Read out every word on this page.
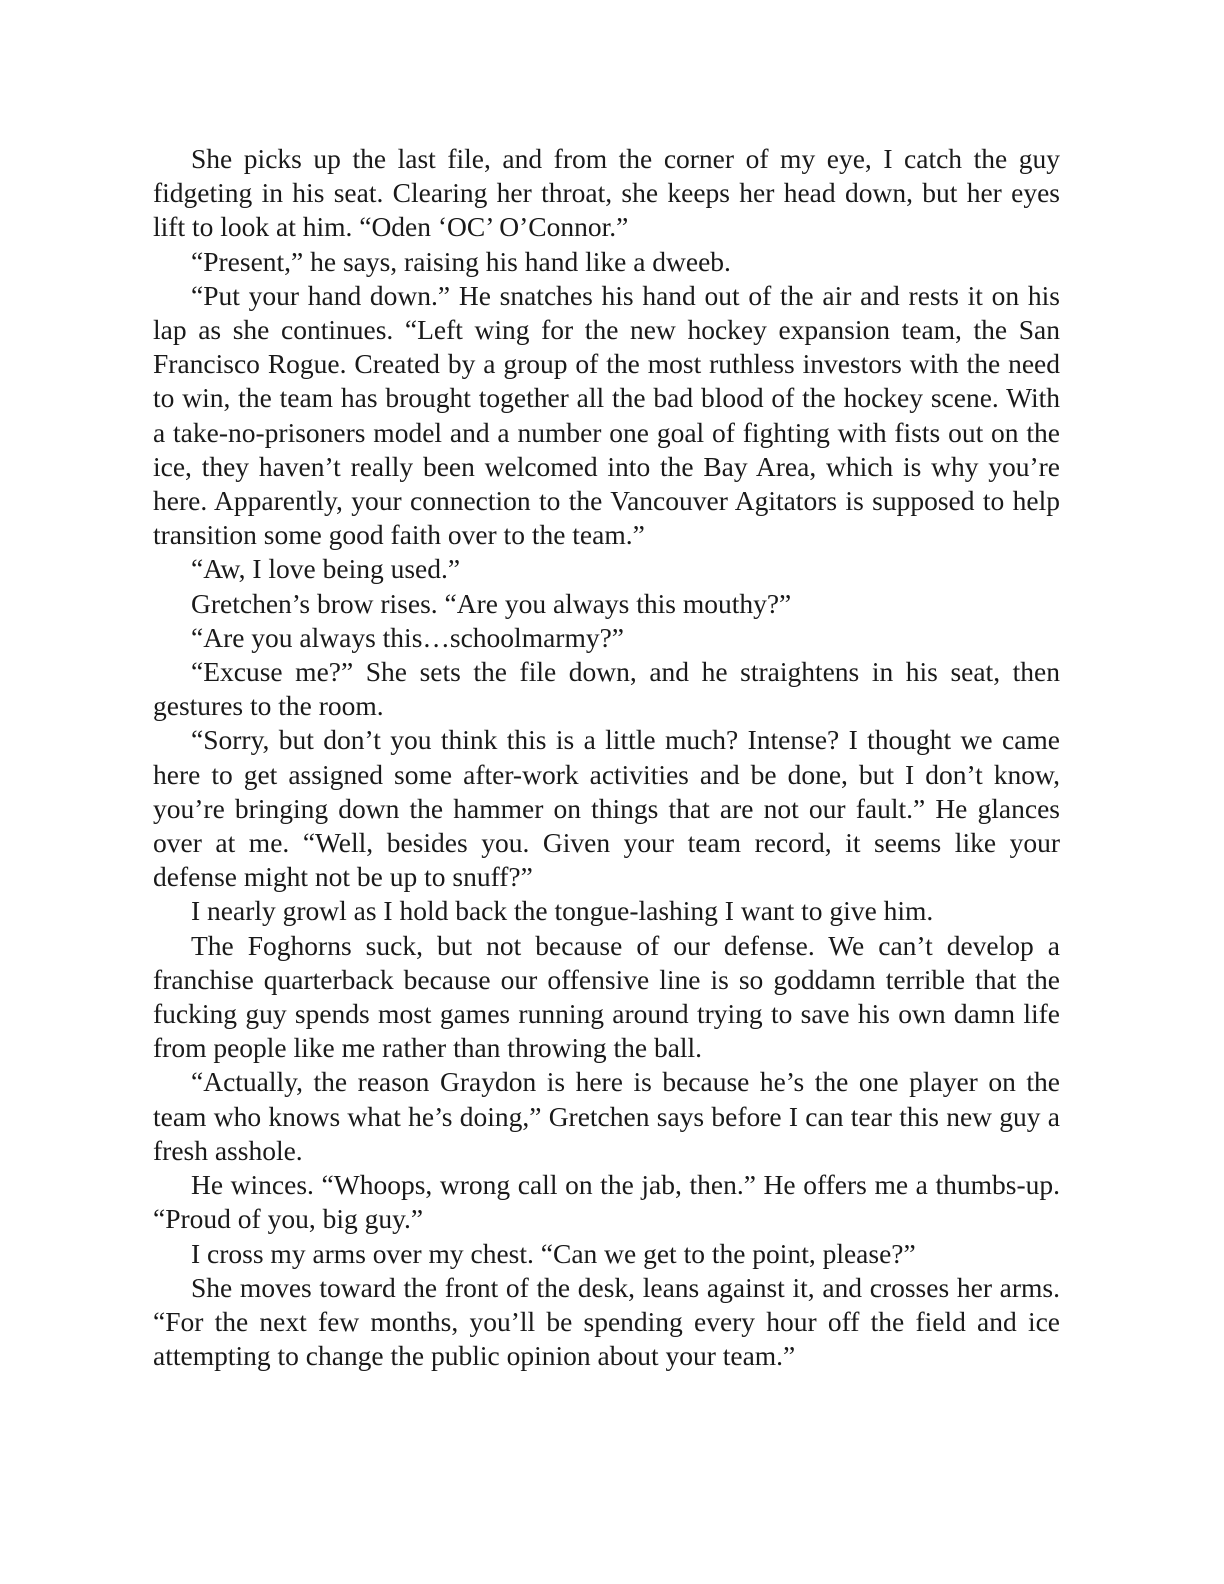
She picks up the last file, and from the corner of my eye, I catch the guy fidgeting in his seat. Clearing her throat, she keeps her head down, but her eyes lift to look at him. “Oden ‘OC’ O’Connor.”

“Present,” he says, raising his hand like a dweeb.

“Put your hand down.” He snatches his hand out of the air and rests it on his lap as she continues. “Left wing for the new hockey expansion team, the San Francisco Rogue. Created by a group of the most ruthless investors with the need to win, the team has brought together all the bad blood of the hockey scene. With a take-no-prisoners model and a number one goal of fighting with fists out on the ice, they haven’t really been welcomed into the Bay Area, which is why you’re here. Apparently, your connection to the Vancouver Agitators is supposed to help transition some good faith over to the team.”

“Aw, I love being used.”

Gretchen’s brow rises. “Are you always this mouthy?”

“Are you always this…schoolmarmy?”

“Excuse me?” She sets the file down, and he straightens in his seat, then gestures to the room.

“Sorry, but don’t you think this is a little much? Intense? I thought we came here to get assigned some after-work activities and be done, but I don’t know, you’re bringing down the hammer on things that are not our fault.” He glances over at me. “Well, besides you. Given your team record, it seems like your defense might not be up to snuff?”

I nearly growl as I hold back the tongue-lashing I want to give him.

The Foghorns suck, but not because of our defense. We can’t develop a franchise quarterback because our offensive line is so goddamn terrible that the fucking guy spends most games running around trying to save his own damn life from people like me rather than throwing the ball.

“Actually, the reason Graydon is here is because he’s the one player on the team who knows what he’s doing,” Gretchen says before I can tear this new guy a fresh asshole.

He winces. “Whoops, wrong call on the jab, then.” He offers me a thumbs-up. “Proud of you, big guy.”

I cross my arms over my chest. “Can we get to the point, please?”

She moves toward the front of the desk, leans against it, and crosses her arms. “For the next few months, you’ll be spending every hour off the field and ice attempting to change the public opinion about your team.”
